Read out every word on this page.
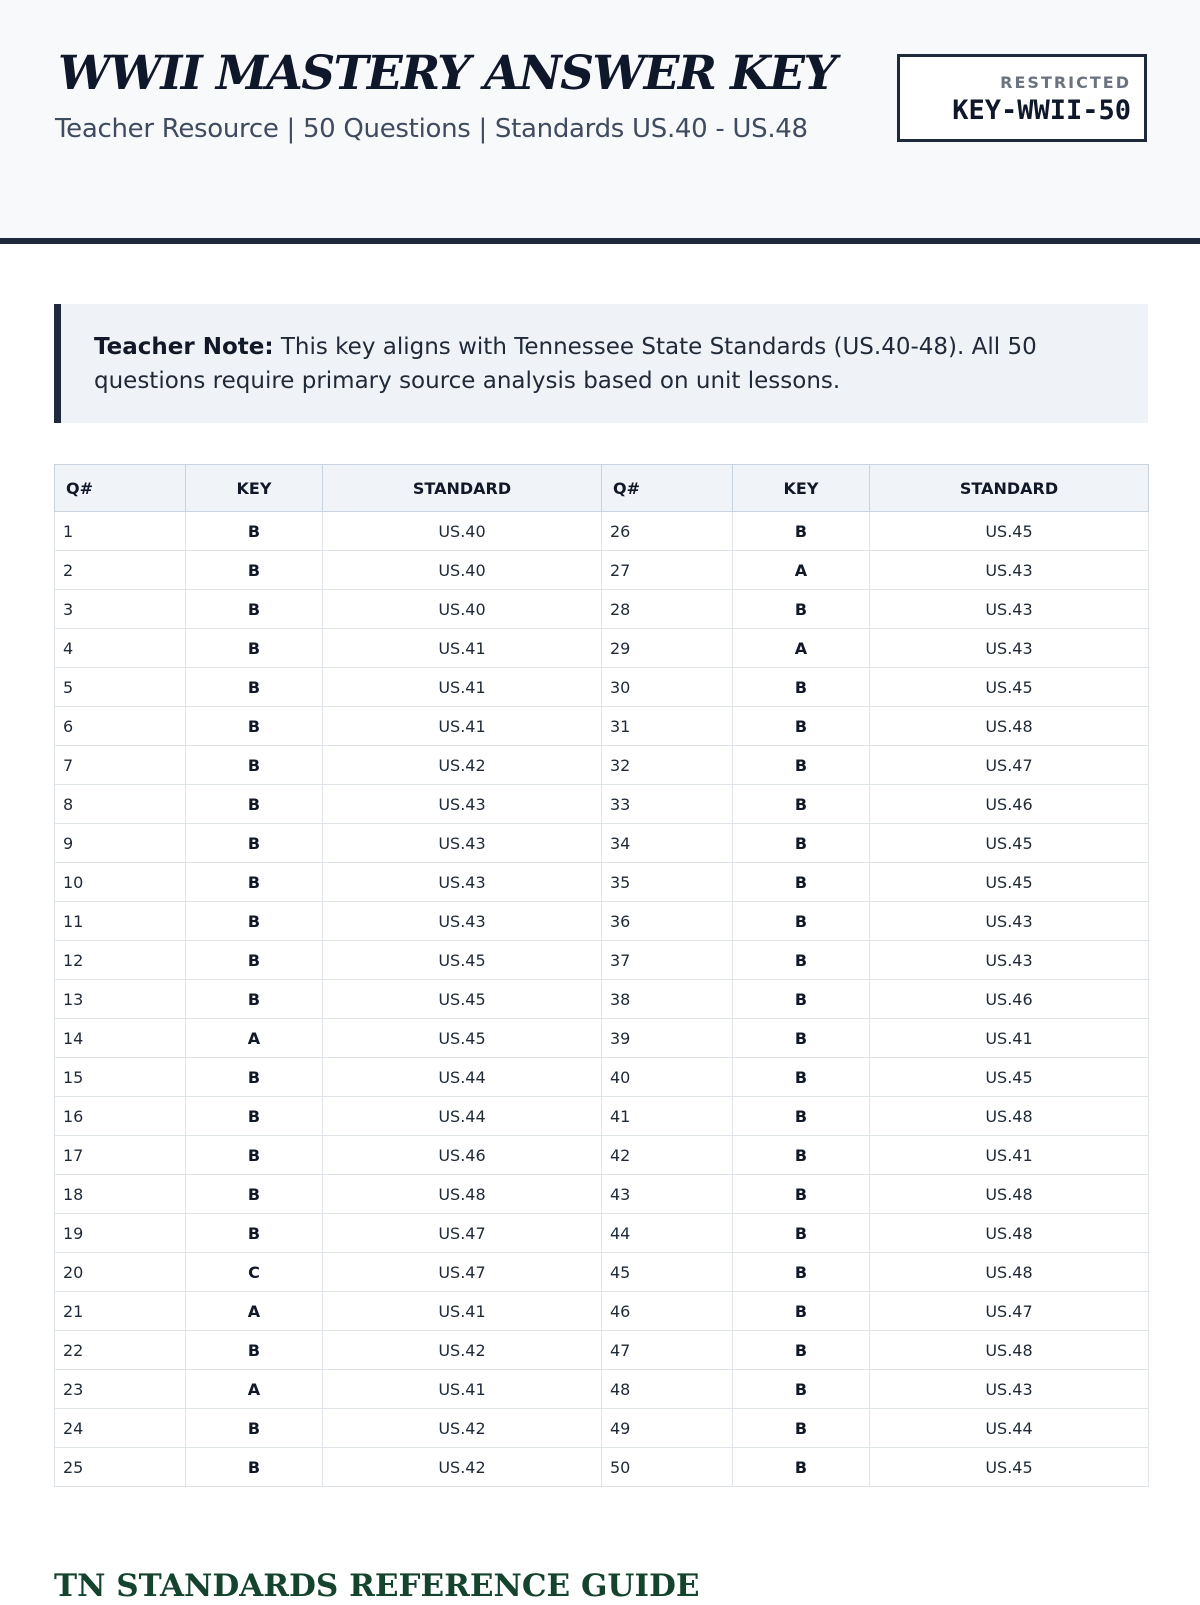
WWII MASTERY ANSWER KEY
Teacher Resource | 50 Questions | Standards US.40 - US.48
RESTRICTED
KEY-WWII-50
Teacher Note: This key aligns with Tennessee State Standards (US.40-48). All 50 questions require primary source analysis based on unit lessons.
Q#	KEY	STANDARD	Q#	KEY	STANDARD
1	B	US.40	26	B	US.45
2	B	US.40	27	A	US.43
3	B	US.40	28	B	US.43
4	B	US.41	29	A	US.43
5	B	US.41	30	B	US.45
6	B	US.41	31	B	US.48
7	B	US.42	32	B	US.47
8	B	US.43	33	B	US.46
9	B	US.43	34	B	US.45
10	B	US.43	35	B	US.45
11	B	US.43	36	B	US.43
12	B	US.45	37	B	US.43
13	B	US.45	38	B	US.46
14	A	US.45	39	B	US.41
15	B	US.44	40	B	US.45
16	B	US.44	41	B	US.48
17	B	US.46	42	B	US.41
18	B	US.48	43	B	US.48
19	B	US.47	44	B	US.48
20	C	US.47	45	B	US.48
21	A	US.41	46	B	US.47
22	B	US.42	47	B	US.48
23	A	US.41	48	B	US.43
24	B	US.42	49	B	US.44
25	B	US.42	50	B	US.45
TN STANDARDS REFERENCE GUIDE
